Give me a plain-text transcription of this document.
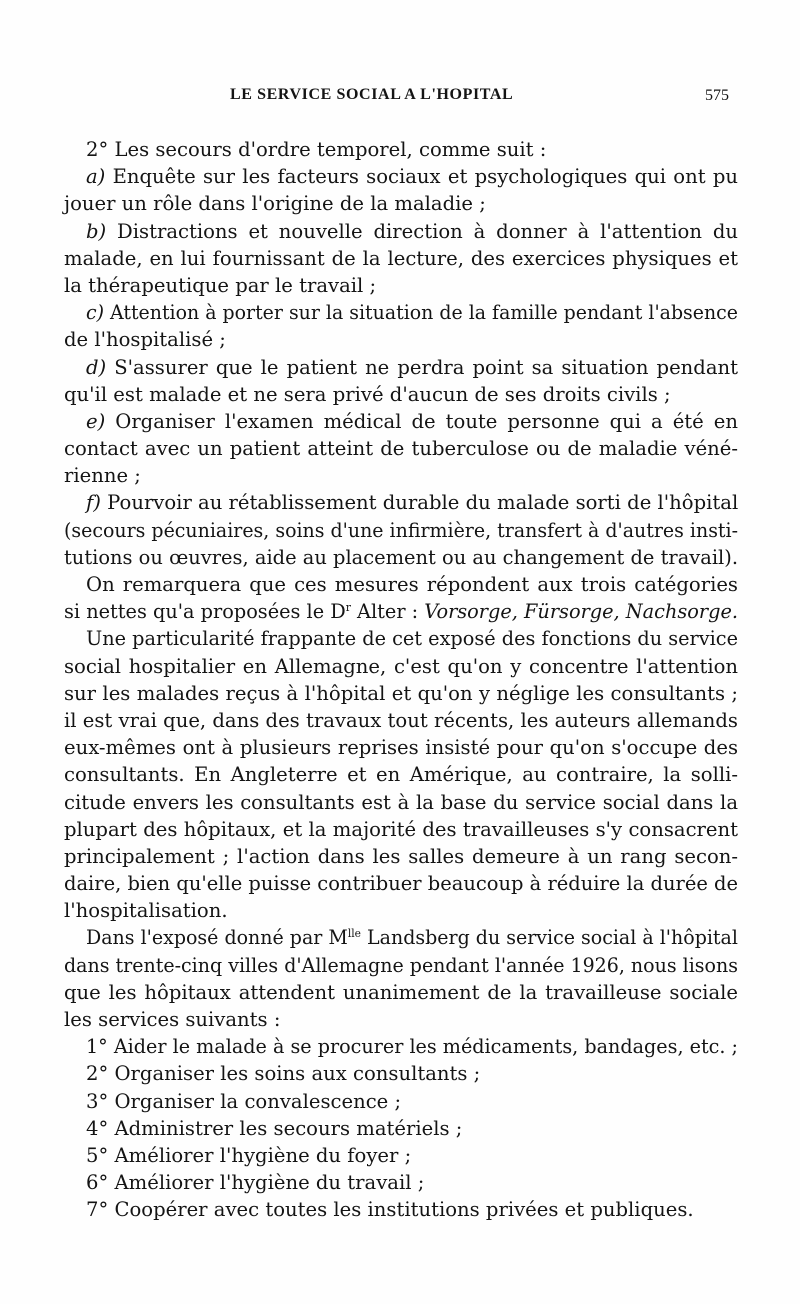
LE SERVICE SOCIAL A L'HOPITAL	575
2° Les secours d'ordre temporel, comme suit :
a) Enquête sur les facteurs sociaux et psychologiques qui ont pu
jouer un rôle dans l'origine de la maladie ;
b) Distractions et nouvelle direction à donner à l'attention du
malade, en lui fournissant de la lecture, des exercices physiques et
la thérapeutique par le travail ;
c) Attention à porter sur la situation de la famille pendant l'absence
de l'hospitalisé ;
d) S'assurer que le patient ne perdra point sa situation pendant
qu'il est malade et ne sera privé d'aucun de ses droits civils ;
e) Organiser l'examen médical de toute personne qui a été en
contact avec un patient atteint de tuberculose ou de maladie véné-
rienne ;
f) Pourvoir au rétablissement durable du malade sorti de l'hôpital
(secours pécuniaires, soins d'une infirmière, transfert à d'autres insti-
tutions ou œuvres, aide au placement ou au changement de travail).
On remarquera que ces mesures répondent aux trois catégories
si nettes qu'a proposées le $D^r$ Alter : Vorsorge, Fürsorge, Nachsorge.
Une particularité frappante de cet exposé des fonctions du service
social hospitalier en Allemagne, c'est qu'on y concentre l'attention
sur les malades reçus à l'hôpital et qu'on y néglige les consultants ;
il est vrai que, dans des travaux tout récents, les auteurs allemands
eux-mêmes ont à plusieurs reprises insisté pour qu'on s'occupe des
consultants. En Angleterre et en Amérique, au contraire, la solli-
citude envers les consultants est à la base du service social dans la
plupart des hôpitaux, et la majorité des travailleuses s'y consacrent
principalement ; l'action dans les salles demeure à un rang secon-
daire, bien qu'elle puisse contribuer beaucoup à réduire la durée de
l'hospitalisation.
Dans l'exposé donné par $M^{lle}$ Landsberg du service social à l'hôpital
dans trente-cinq villes d'Allemagne pendant l'année 1926, nous lisons
que les hôpitaux attendent unanimement de la travailleuse sociale
les services suivants :
1° Aider le malade à se procurer les médicaments, bandages, etc. ;
2° Organiser les soins aux consultants ;
3° Organiser la convalescence ;
4° Administrer les secours matériels ;
5° Améliorer l'hygiène du foyer ;
6° Améliorer l'hygiène du travail ;
7° Coopérer avec toutes les institutions privées et publiques.
